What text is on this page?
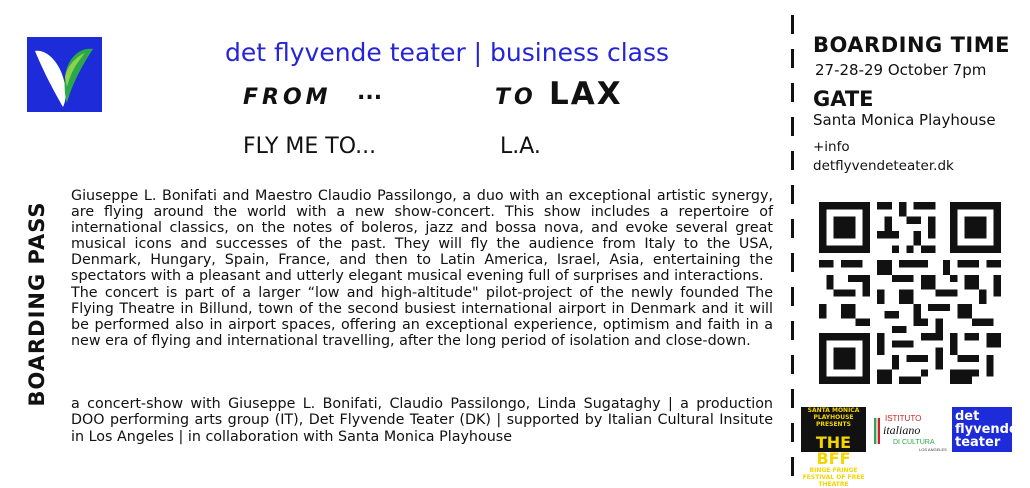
det flyvende teater | business class
FROM ...	TO LAX
FLY ME TO...	L.A.
BOARDING PASS

Giuseppe L. Bonifati and Maestro Claudio Passilongo, a duo with an exceptional artistic synergy, are flying around the world with a new show-concert. This show includes a repertoire of international classics, on the notes of boleros, jazz and bossa nova, and evoke several great musical icons and successes of the past. They will fly the audience from Italy to the USA, Denmark, Hungary, Spain, France, and then to Latin America, Israel, Asia, entertaining the spectators with a pleasant and utterly elegant musical evening full of surprises and interactions.

The concert is part of a larger “low and high-altitude" pilot-project of the newly founded The Flying Theatre in Billund, town of the second busiest international airport in Denmark and it will be performed also in airport spaces, offering an exceptional experience, optimism and faith in a new era of flying and international travelling, after the long period of isolation and close-down.

a concert-show with Giuseppe L. Bonifati, Claudio Passilongo, Linda Sugataghy | a production DOO performing arts group (IT), Det Flyvende Teater (DK) | supported by Italian Cultural Insitute in Los Angeles | in collaboration with Santa Monica Playhouse
BOARDING TIME
27-28-29 October 7pm
GATE
Santa Monica Playhouse
+info
detflyvendeteater.dk
SANTA MONICA PLAYHOUSE PRESENTS
THE BFF
BINGE FRINGE FESTIVAL OF FREE THEATRE
ISTITUTO
italiano
DI CULTURA
LOS ANGELES
det
flyvende
teater
